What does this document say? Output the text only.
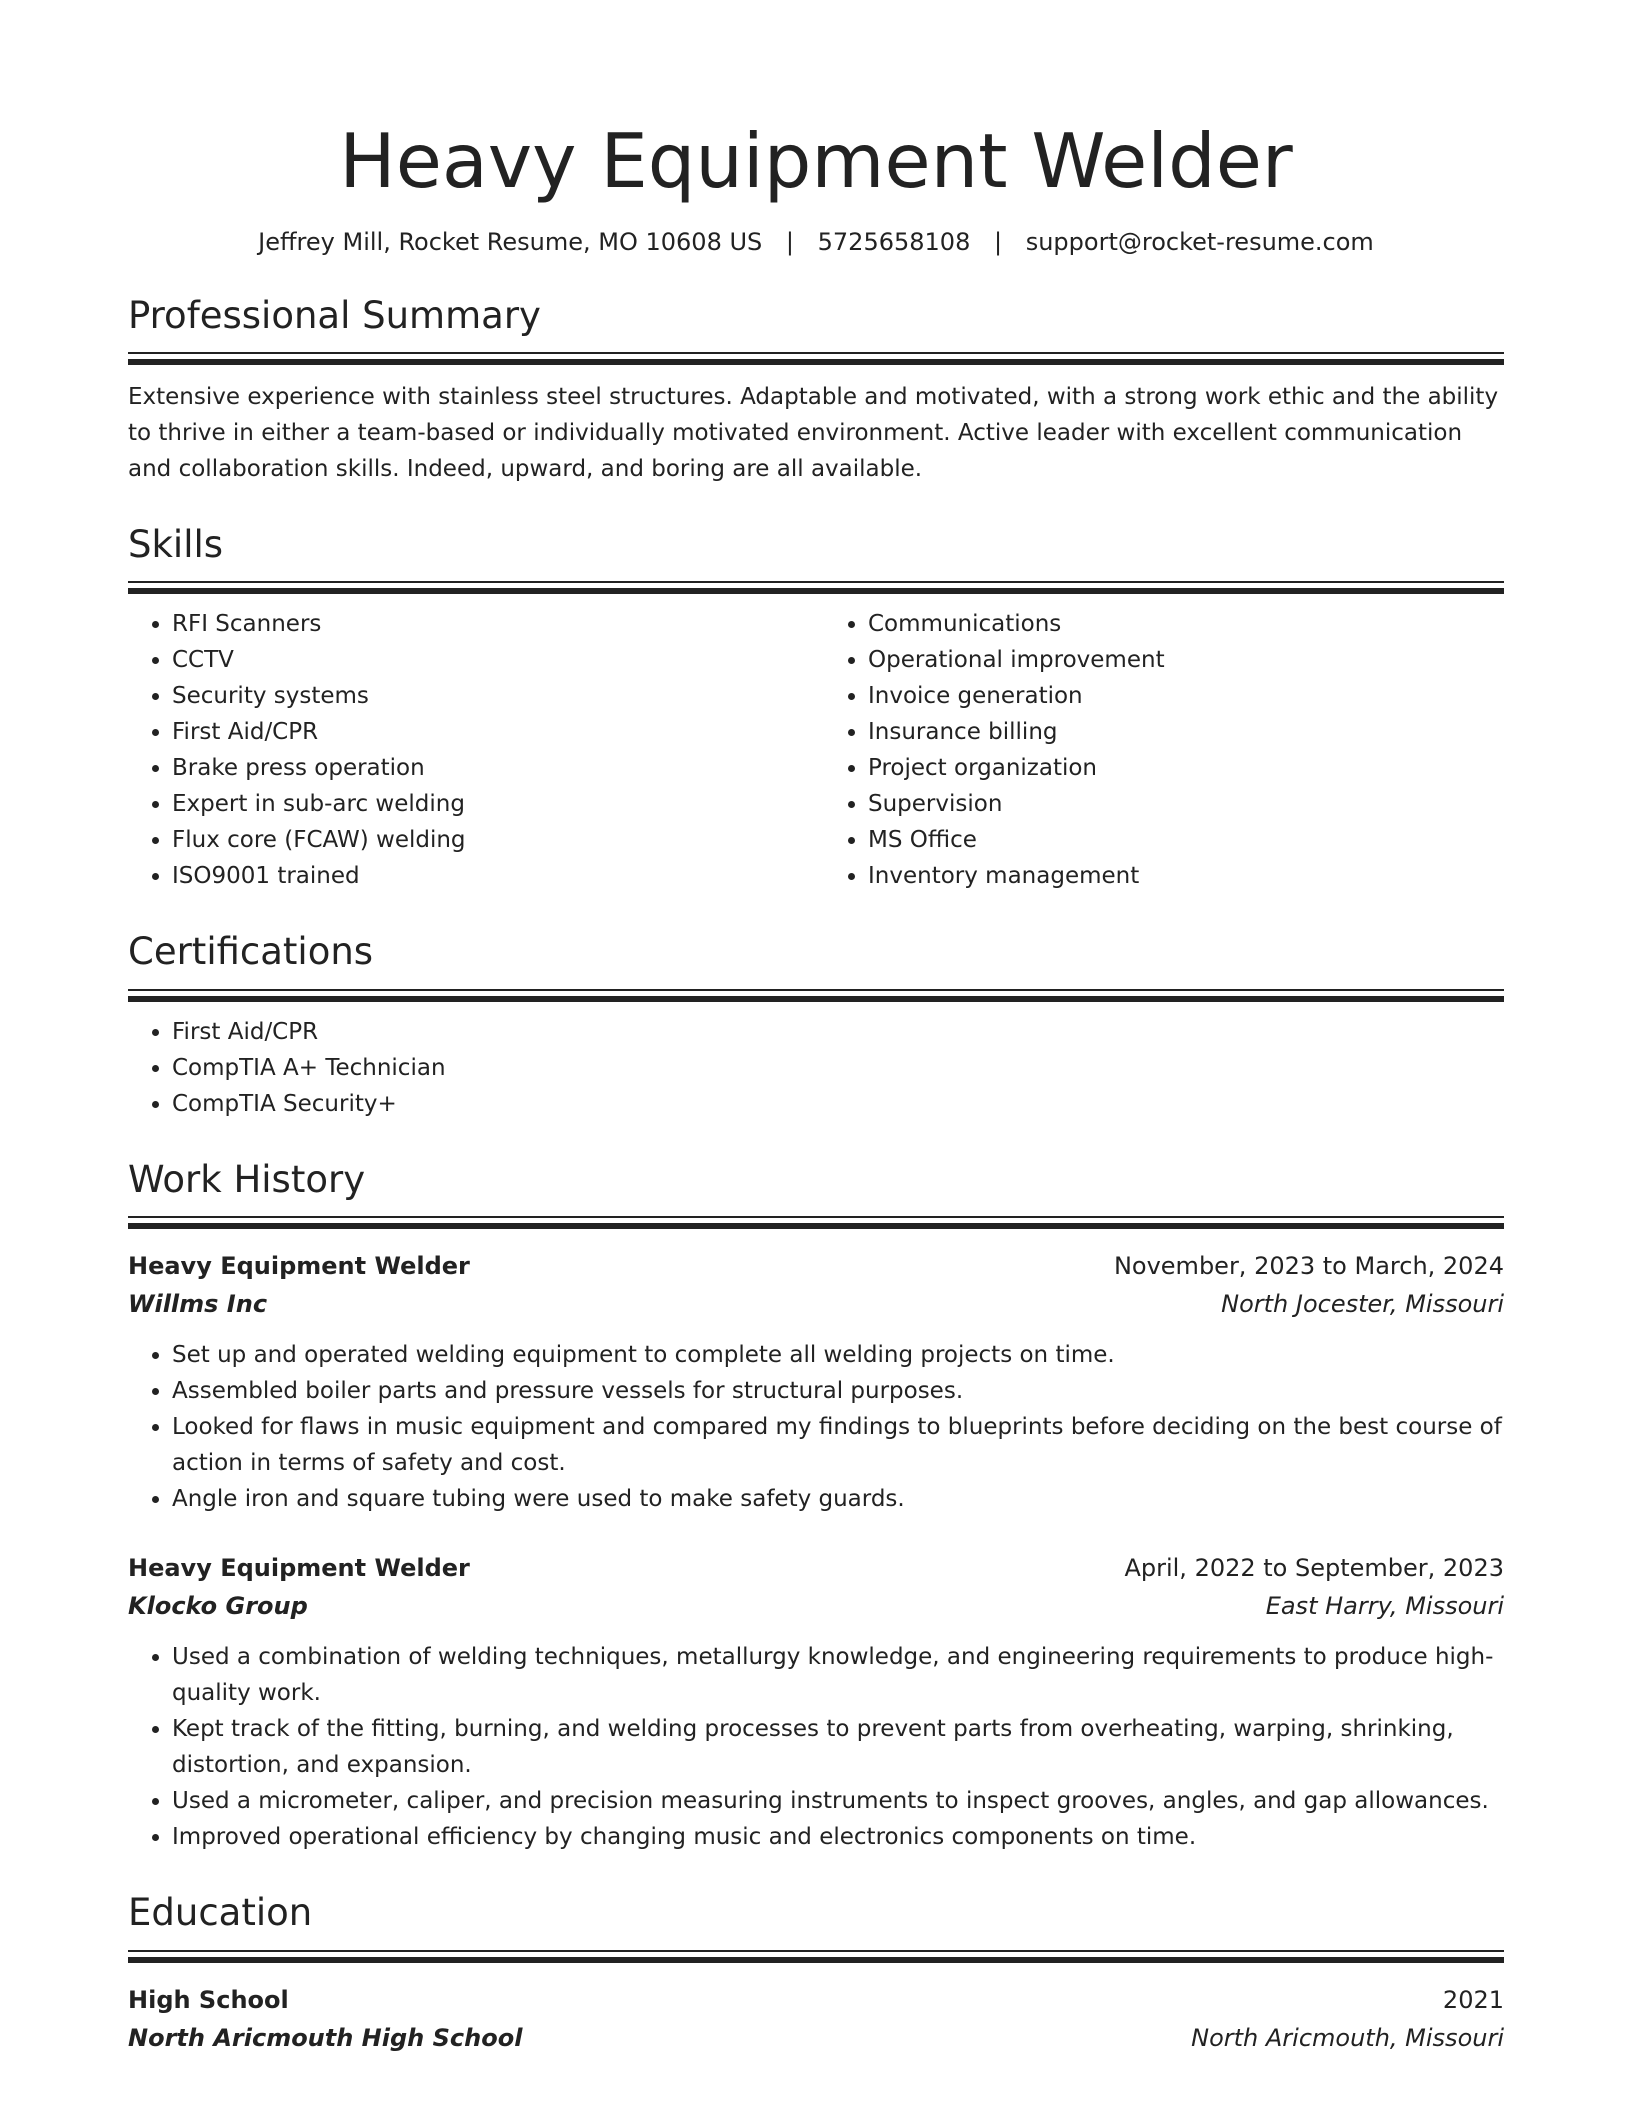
Heavy Equipment Welder
Jeffrey Mill, Rocket Resume, MO 10608 US | 5725658108 | support@rocket-resume.com
Professional Summary
Extensive experience with stainless steel structures. Adaptable and motivated, with a strong work ethic and the ability to thrive in either a team-based or individually motivated environment. Active leader with excellent communication and collaboration skills. Indeed, upward, and boring are all available.
Skills
• RFI Scanners
• CCTV
• Security systems
• First Aid/CPR
• Brake press operation
• Expert in sub-arc welding
• Flux core (FCAW) welding
• ISO9001 trained
• Communications
• Operational improvement
• Invoice generation
• Insurance billing
• Project organization
• Supervision
• MS Office
• Inventory management
Certifications
• First Aid/CPR
• CompTIA A+ Technician
• CompTIA Security+
Work History
Heavy Equipment Welder	November, 2023 to March, 2024
Willms Inc	North Jocester, Missouri
• Set up and operated welding equipment to complete all welding projects on time.
• Assembled boiler parts and pressure vessels for structural purposes.
• Looked for flaws in music equipment and compared my findings to blueprints before deciding on the best course of action in terms of safety and cost.
• Angle iron and square tubing were used to make safety guards.
Heavy Equipment Welder	April, 2022 to September, 2023
Klocko Group	East Harry, Missouri
• Used a combination of welding techniques, metallurgy knowledge, and engineering requirements to produce high-quality work.
• Kept track of the fitting, burning, and welding processes to prevent parts from overheating, warping, shrinking, distortion, and expansion.
• Used a micrometer, caliper, and precision measuring instruments to inspect grooves, angles, and gap allowances.
• Improved operational efficiency by changing music and electronics components on time.
Education
High School	2021
North Aricmouth High School	North Aricmouth, Missouri
